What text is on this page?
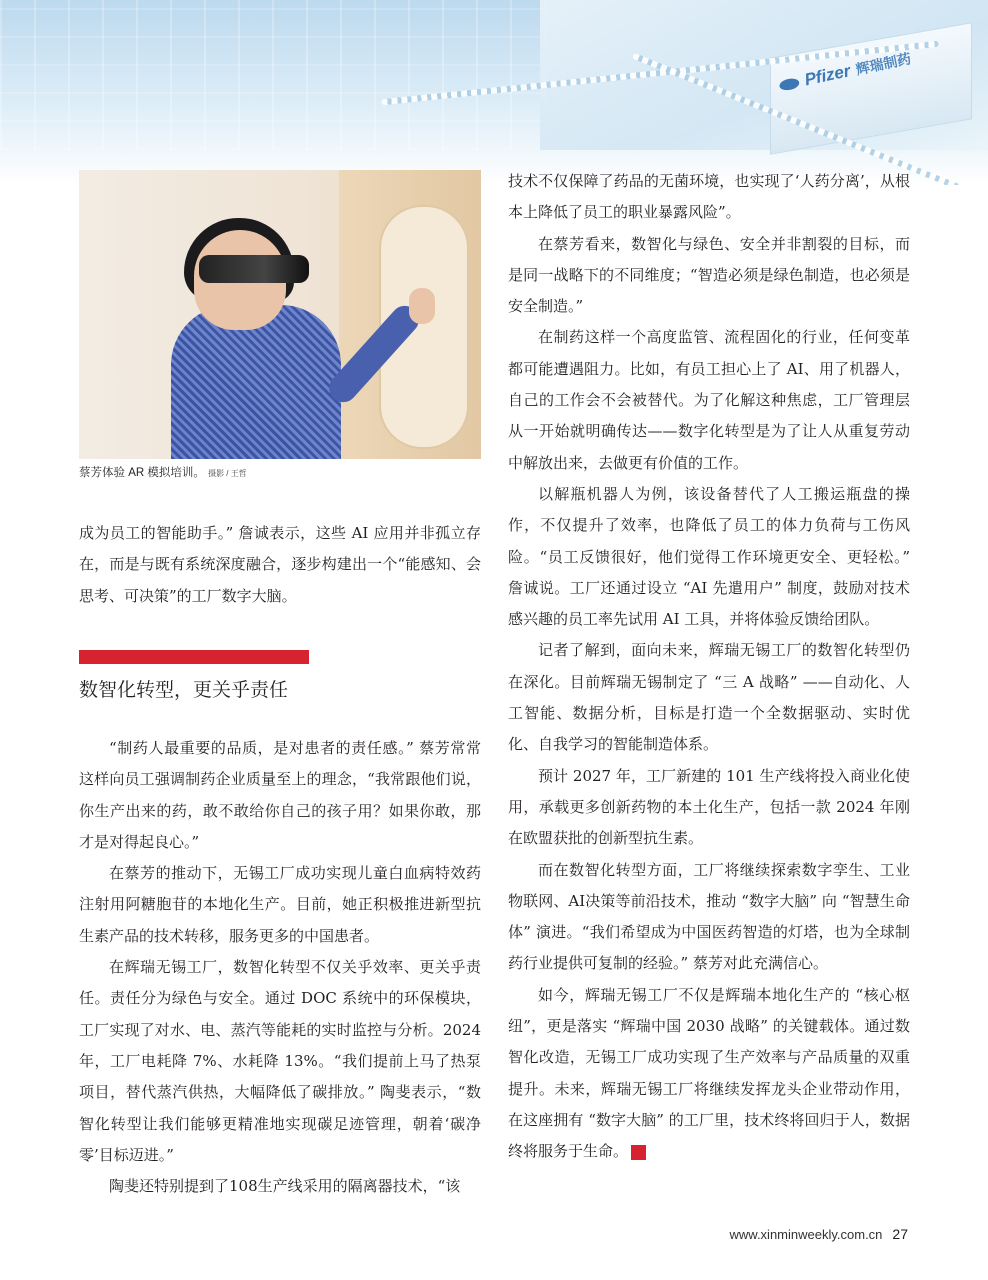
Pfizer 辉瑞制药
蔡芳体验 AR 模拟培训。 摄影 / 王哲

成为员工的智能助手。” 詹诚表示，这些 AI 应用并非孤立存在，而是与既有系统深度融合，逐步构建出一个“能感知、会思考、可决策”的工厂数字大脑。

数智化转型，更关乎责任

“制药人最重要的品质，是对患者的责任感。” 蔡芳常常这样向员工强调制药企业质量至上的理念，“我常跟他们说，你生产出来的药，敢不敢给你自己的孩子用？如果你敢，那才是对得起良心。”

在蔡芳的推动下，无锡工厂成功实现儿童白血病特效药注射用阿糖胞苷的本地化生产。目前，她正积极推进新型抗生素产品的技术转移，服务更多的中国患者。

在辉瑞无锡工厂，数智化转型不仅关乎效率、更关乎责任。责任分为绿色与安全。通过 DOC 系统中的环保模块，工厂实现了对水、电、蒸汽等能耗的实时监控与分析。2024 年，工厂电耗降 7%、水耗降 13%。“我们提前上马了热泵项目，替代蒸汽供热，大幅降低了碳排放。” 陶斐表示，“数智化转型让我们能够更精准地实现碳足迹管理，朝着‘碳净零’目标迈进。”

陶斐还特别提到了108生产线采用的隔离器技术，“该

技术不仅保障了药品的无菌环境，也实现了‘人药分离’，从根本上降低了员工的职业暴露风险”。

在蔡芳看来，数智化与绿色、安全并非割裂的目标，而是同一战略下的不同维度；“智造必须是绿色制造，也必须是安全制造。”

在制药这样一个高度监管、流程固化的行业，任何变革都可能遭遇阻力。比如，有员工担心上了 AI、用了机器人，自己的工作会不会被替代。为了化解这种焦虑，工厂管理层从一开始就明确传达——数字化转型是为了让人从重复劳动中解放出来，去做更有价值的工作。

以解瓶机器人为例，该设备替代了人工搬运瓶盘的操作，不仅提升了效率，也降低了员工的体力负荷与工伤风险。“员工反馈很好，他们觉得工作环境更安全、更轻松。” 詹诚说。工厂还通过设立 “AI 先遣用户” 制度，鼓励对技术感兴趣的员工率先试用 AI 工具，并将体验反馈给团队。

记者了解到，面向未来，辉瑞无锡工厂的数智化转型仍在深化。目前辉瑞无锡制定了 “三 A 战略” ——自动化、人工智能、数据分析，目标是打造一个全数据驱动、实时优化、自我学习的智能制造体系。

预计 2027 年，工厂新建的 101 生产线将投入商业化使用，承载更多创新药物的本土化生产，包括一款 2024 年刚在欧盟获批的创新型抗生素。

而在数智化转型方面，工厂将继续探索数字孪生、工业物联网、AI决策等前沿技术，推动 “数字大脑” 向 “智慧生命体” 演进。“我们希望成为中国医药智造的灯塔，也为全球制药行业提供可复制的经验。” 蔡芳对此充满信心。

如今，辉瑞无锡工厂不仅是辉瑞本地化生产的 “核心枢纽”，更是落实 “辉瑞中国 2030 战略” 的关键载体。通过数智化改造，无锡工厂成功实现了生产效率与产品质量的双重提升。未来，辉瑞无锡工厂将继续发挥龙头企业带动作用， 在这座拥有 “数字大脑” 的工厂里，技术终将回归于人，数据终将服务于生命。	民

www.xinminweekly.com.cn 27
